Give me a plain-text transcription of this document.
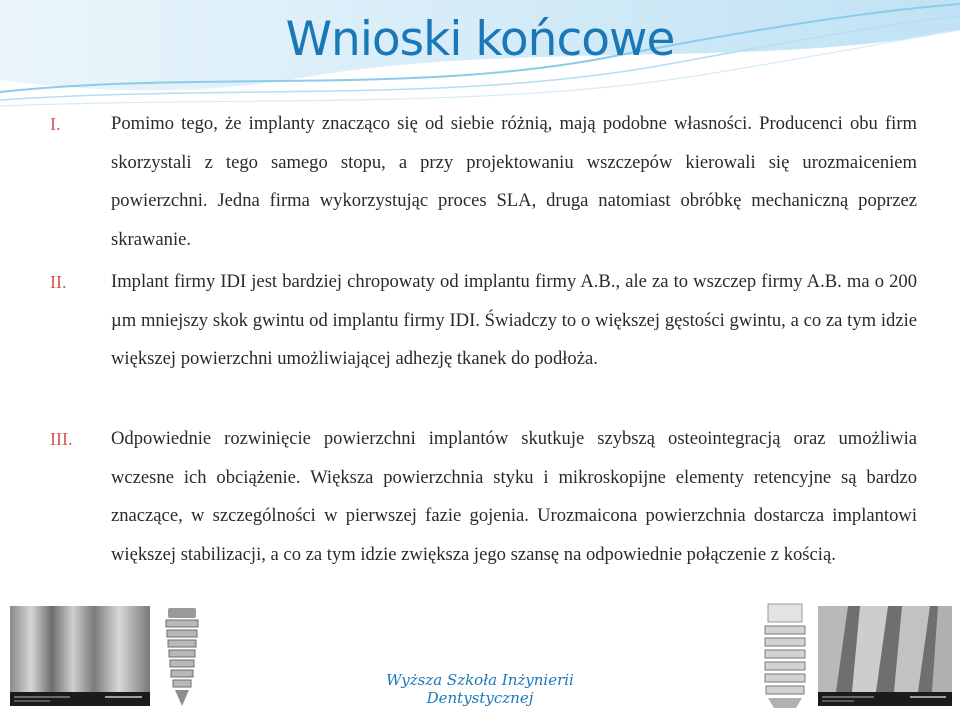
Wnioski końcowe
I.	Pomimo tego, że implanty znacząco się od siebie różnią, mają podobne własności. Producenci obu firm skorzystali z tego samego stopu, a przy projektowaniu wszczepów kierowali się urozmaiceniem powierzchni. Jedna firma wykorzystując proces SLA, druga natomiast obróbkę mechaniczną poprzez skrawanie.
II. Implant firmy IDI jest bardziej chropowaty od implantu firmy A.B., ale za to wszczep firmy A.B. ma o 200 µm mniejszy skok gwintu od implantu firmy IDI. Świadczy to o większej gęstości gwintu, a co za tym idzie większej powierzchni umożliwiającej adhezję tkanek do podłoża.
III. Odpowiednie rozwinięcie powierzchni implantów skutkuje szybszą osteointegracją oraz umożliwia wczesne ich obciążenie. Większa powierzchnia styku i mikroskopijne elementy retencyjne są bardzo znaczące, w szczególności w pierwszej fazie gojenia. Urozmaicona powierzchnia dostarcza implantowi większej stabilizacji, a co za tym idzie zwiększa jego szansę na odpowiednie połączenie z kością.
Wyższa Szkoła Inżynierii Dentystycznej
